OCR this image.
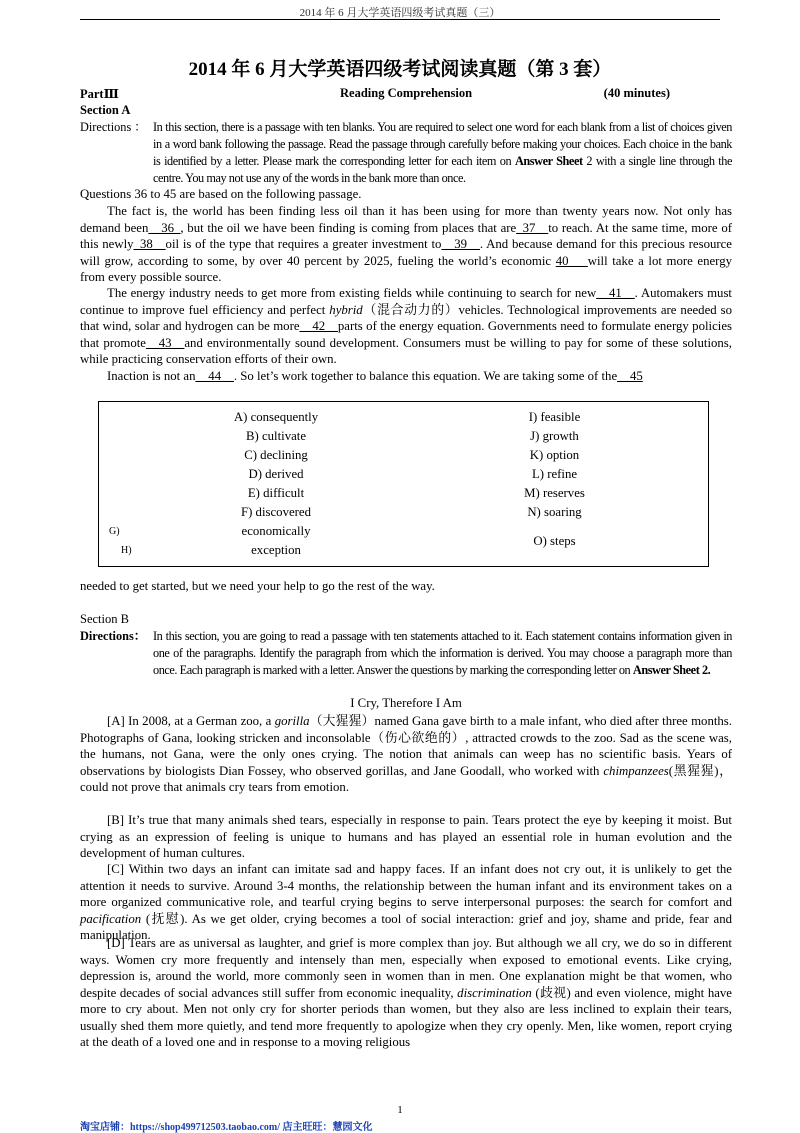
2014 年 6 月大学英语四级考试真题（三）
2014 年 6 月大学英语四级考试阅读真题（第 3 套）
PartⅢ	Reading Comprehension	(40 minutes)
Section A
Directions ： In this section, there is a passage with ten blanks. You are required to select one word for each blank from a list of choices given in a word bank following the passage. Read the passage through carefully before making your choices. Each choice in the bank is identified by a letter. Please mark the corresponding letter for each item on Answer Sheet 2 with a single line through the centre. You may not use any of the words in the bank more than once.
Questions 36 to 45 are based on the following passage.
The fact is, the world has been finding less oil than it has been using for more than twenty years now. Not only has demand been__36_, but the oil we have been finding is coming from places that are_37__to reach. At the same time, more of this newly_38__oil is of the type that requires a greater investment to__39__. And because demand for this precious resource will grow, according to some, by over 40 percent by 2025, fueling the world’s economic 40___will take a lot more energy from every possible source.
The energy industry needs to get more from existing fields while continuing to search for new__41__. Automakers must continue to improve fuel efficiency and perfect hybrid（混合动力的）vehicles. Technological improvements are needed so that wind, solar and hydrogen can be more__42__parts of the energy equation. Governments need to formulate energy policies that promote__43__and environmentally sound development. Consumers must be willing to pay for some of these solutions, while practicing conservation efforts of their own.
Inaction is not an__44__. So let’s work together to balance this equation. We are taking some of the__45

	A) consequently	I) feasible
	B) cultivate	J) growth
	C) declining	K) option
	D) derived	L) refine
	E) difficult	M) reserves
	F) discovered	N) soaring
G)	economically	O) steps
H)	exception	

needed to get started, but we need your help to go the rest of the way.
Section B
Directions： In this section, you are going to read a passage with ten statements attached to it. Each statement contains information given in one of the paragraphs. Identify the paragraph from which the information is derived. You may choose a paragraph more than once. Each paragraph is marked with a letter. Answer the questions by marking the corresponding letter on Answer Sheet 2.
I Cry, Therefore I Am
[A] In 2008, at a German zoo, a gorilla（大猩猩）named Gana gave birth to a male infant, who died after three months. Photographs of Gana, looking stricken and inconsolable（伤心欲绝的）, attracted crowds to the zoo. Sad as the scene was, the humans, not Gana, were the only ones crying. The notion that animals can weep has no scientific basis. Years of observations by biologists Dian Fossey, who observed gorillas, and Jane Goodall, who worked with chimpanzees(黑猩猩)， could not prove that animals cry tears from emotion.
[B] It’s true that many animals shed tears, especially in response to pain. Tears protect the eye by keeping it moist. But crying as an expression of feeling is unique to humans and has played an essential role in human evolution and the development of human cultures.
[C] Within two days an infant can imitate sad and happy faces. If an infant does not cry out, it is unlikely to get the attention it needs to survive. Around 3-4 months, the relationship between the human infant and its environment takes on a more organized communicative role, and tearful crying begins to serve interpersonal purposes: the search for comfort and pacification (抚慰). As we get older, crying becomes a tool of social interaction: grief and joy, shame and pride, fear and manipulation.
[D] Tears are as universal as laughter, and grief is more complex than joy. But although we all cry, we do so in different ways. Women cry more frequently and intensely than men, especially when exposed to emotional events. Like crying, depression is, around the world, more commonly seen in women than in men. One explanation might be that women, who despite decades of social advances still suffer from economic inequality, discrimination (歧视) and even violence, might have more to cry about. Men not only cry for shorter periods than women, but they also are less inclined to explain their tears, usually shed them more quietly, and tend more frequently to apologize when they cry openly. Men, like women, report crying at the death of a loved one and in response to a moving religious
1
淘宝店铺：https://shop499712503.taobao.com/ 店主旺旺：慧园文化
